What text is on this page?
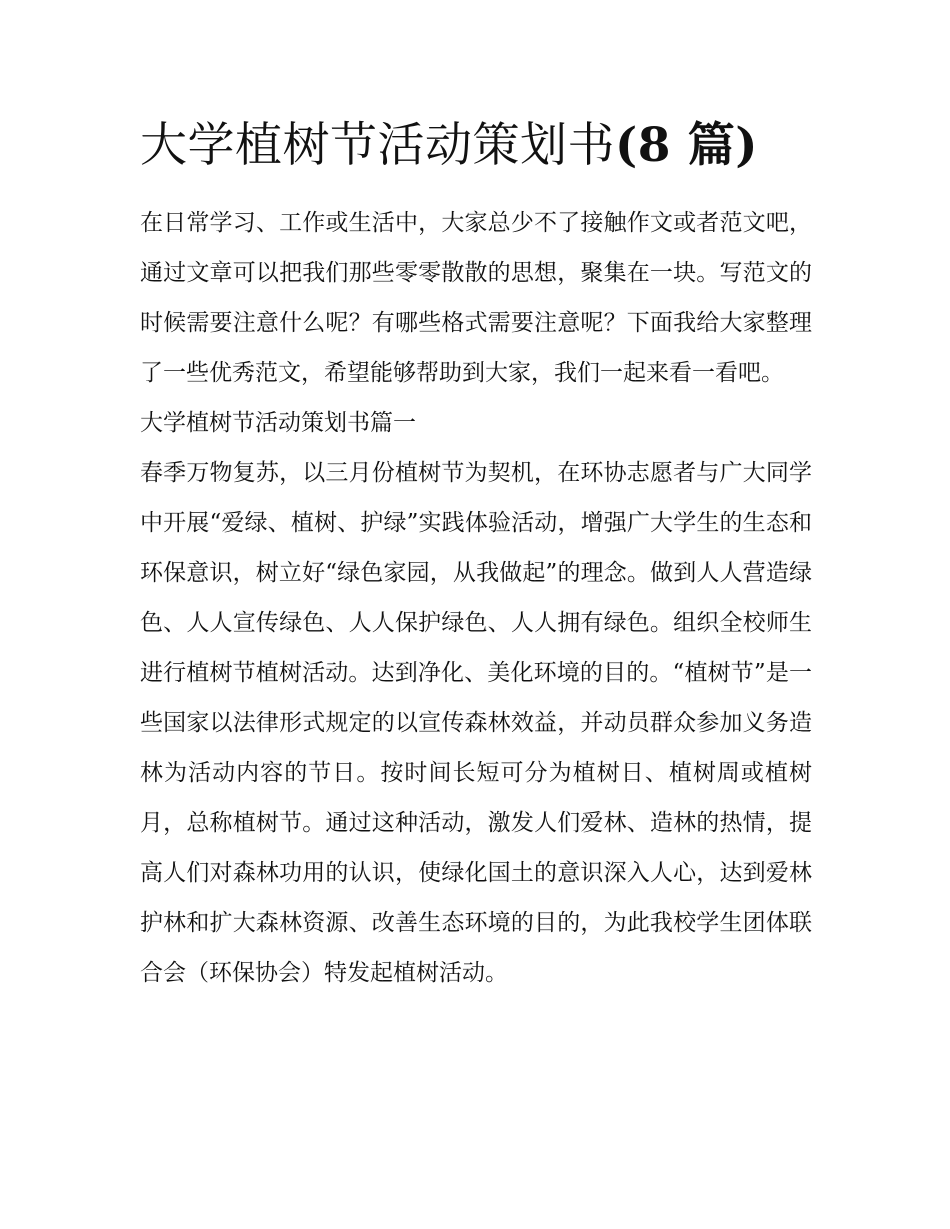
大学植树节活动策划书(8 篇)

在日常学习、工作或生活中，大家总少不了接触作文或者范文吧，通过文章可以把我们那些零零散散的思想，聚集在一块。写范文的时候需要注意什么呢？有哪些格式需要注意呢？下面我给大家整理了一些优秀范文，希望能够帮助到大家，我们一起来看一看吧。

大学植树节活动策划书篇一

春季万物复苏，以三月份植树节为契机，在环协志愿者与广大同学中开展“爱绿、植树、护绿”实践体验活动，增强广大学生的生态和环保意识，树立好“绿色家园，从我做起”的理念。做到人人营造绿色、人人宣传绿色、人人保护绿色、人人拥有绿色。组织全校师生进行植树节植树活动。达到净化、美化环境的目的。“植树节”是一些国家以法律形式规定的以宣传森林效益，并动员群众参加义务造林为活动内容的节日。按时间长短可分为植树日、植树周或植树月，总称植树节。通过这种活动，激发人们爱林、造林的热情，提高人们对森林功用的认识，使绿化国土的意识深入人心，达到爱林护林和扩大森林资源、改善生态环境的目的，为此我校学生团体联合会（环保协会）特发起植树活动。
